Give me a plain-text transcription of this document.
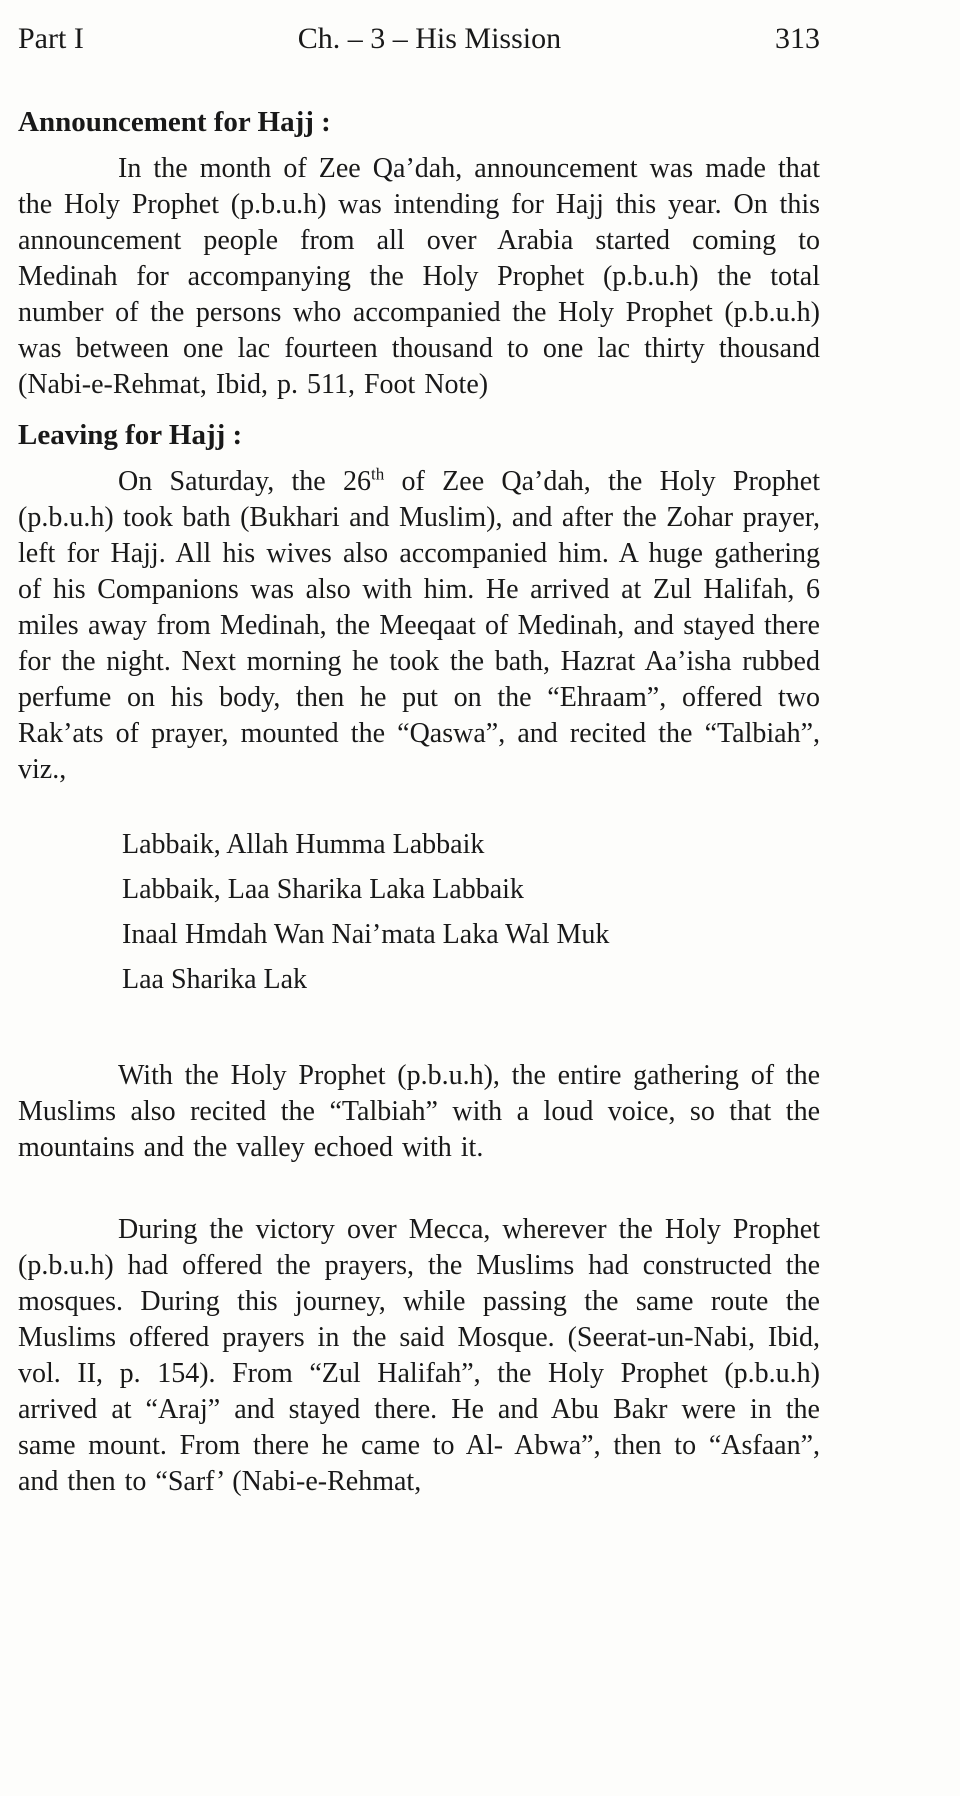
Part I	Ch. – 3 – His Mission	313
Announcement for Hajj :

In the month of Zee Qa’dah, announcement was made that the Holy Prophet (p.b.u.h) was intending for Hajj this year. On this announcement people from all over Arabia started coming to Medinah for accompanying the Holy Prophet (p.b.u.h) the total number of the persons who accompanied the Holy Prophet (p.b.u.h) was between one lac fourteen thousand to one lac thirty thousand (Nabi-e-Rehmat, Ibid, p. 511, Foot Note)

Leaving for Hajj :

On Saturday, the 26th of Zee Qa’dah, the Holy Prophet (p.b.u.h) took bath (Bukhari and Muslim), and after the Zohar prayer, left for Hajj. All his wives also accompanied him. A huge gathering of his Companions was also with him. He arrived at Zul Halifah, 6 miles away from Medinah, the Meeqaat of Medinah, and stayed there for the night. Next morning he took the bath, Hazrat Aa’isha rubbed perfume on his body, then he put on the “Ehraam”, offered two Rak’ats of prayer, mounted the “Qaswa”, and recited the “Talbiah”, viz.,

Labbaik, Allah Humma Labbaik
Labbaik, Laa Sharika Laka Labbaik
Inaal Hmdah Wan Nai’mata Laka Wal Muk
Laa Sharika Lak

With the Holy Prophet (p.b.u.h), the entire gathering of the Muslims also recited the “Talbiah” with a loud voice, so that the mountains and the valley echoed with it.

During the victory over Mecca, wherever the Holy Prophet (p.b.u.h) had offered the prayers, the Muslims had constructed the mosques. During this journey, while passing the same route the Muslims offered prayers in the said Mosque. (Seerat-un-Nabi, Ibid, vol. II, p. 154). From “Zul Halifah”, the Holy Prophet (p.b.u.h) arrived at “Araj” and stayed there. He and Abu Bakr were in the same mount. From there he came to Al- Abwa”, then to “Asfaan”, and then to “Sarf’ (Nabi-e-Rehmat,
